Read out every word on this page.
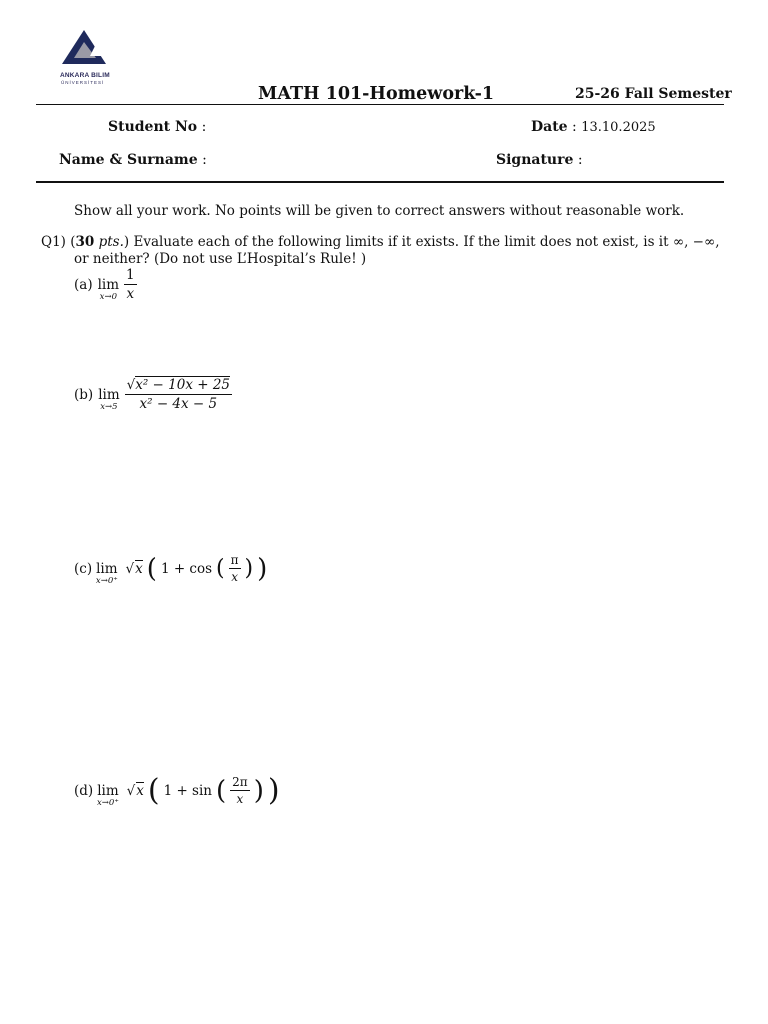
ANKARA BILIM
ÜNİVERSİTESİ
MATH 101-Homework-1	25-26 Fall Semester
Student No :	Date : 13.10.2025
Name & Surname :	Signature :
Show all your work. No points will be given to correct answers without reasonable work.
Q1) (30 pts.) Evaluate each of the following limits if it exists. If the limit does not exist, is it ∞, −∞,
or neither? (Do not use L’Hospital’s Rule! )
(a) lim
$x\to 0 \frac{1}{x}$
(b) lim
$x\to 5 \frac{\text{√x² − 10x + 25}}{\text{x² − 4x − 5}}$
(c) lim
x→0⁺
√ x ( 1 + cos ( $\frac{\pi}{x}$ ) )
(d) lim
x→0⁺
√ x ( 1 + sin ( $\frac{2\pi}{x}$ ) )
